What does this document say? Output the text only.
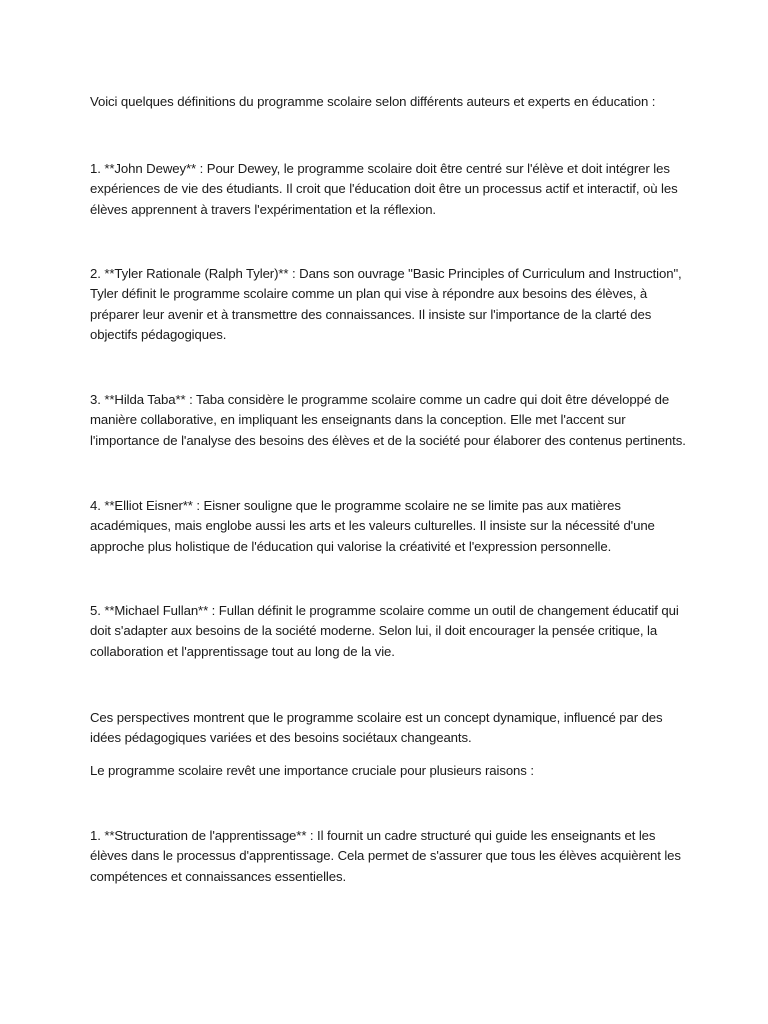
Voici quelques définitions du programme scolaire selon différents auteurs et experts en éducation :

1. **John Dewey** : Pour Dewey, le programme scolaire doit être centré sur l'élève et doit intégrer les expériences de vie des étudiants. Il croit que l'éducation doit être un processus actif et interactif, où les élèves apprennent à travers l'expérimentation et la réflexion.

2. **Tyler Rationale (Ralph Tyler)** : Dans son ouvrage "Basic Principles of Curriculum and Instruction", Tyler définit le programme scolaire comme un plan qui vise à répondre aux besoins des élèves, à préparer leur avenir et à transmettre des connaissances. Il insiste sur l'importance de la clarté des objectifs pédagogiques.

3. **Hilda Taba** : Taba considère le programme scolaire comme un cadre qui doit être développé de manière collaborative, en impliquant les enseignants dans la conception. Elle met l'accent sur l'importance de l'analyse des besoins des élèves et de la société pour élaborer des contenus pertinents.

4. **Elliot Eisner** : Eisner souligne que le programme scolaire ne se limite pas aux matières académiques, mais englobe aussi les arts et les valeurs culturelles. Il insiste sur la nécessité d'une approche plus holistique de l'éducation qui valorise la créativité et l'expression personnelle.

5. **Michael Fullan** : Fullan définit le programme scolaire comme un outil de changement éducatif qui doit s'adapter aux besoins de la société moderne. Selon lui, il doit encourager la pensée critique, la collaboration et l'apprentissage tout au long de la vie.

Ces perspectives montrent que le programme scolaire est un concept dynamique, influencé par des idées pédagogiques variées et des besoins sociétaux changeants.

Le programme scolaire revêt une importance cruciale pour plusieurs raisons :

1. **Structuration de l'apprentissage** : Il fournit un cadre structuré qui guide les enseignants et les élèves dans le processus d'apprentissage. Cela permet de s'assurer que tous les élèves acquièrent les compétences et connaissances essentielles.
